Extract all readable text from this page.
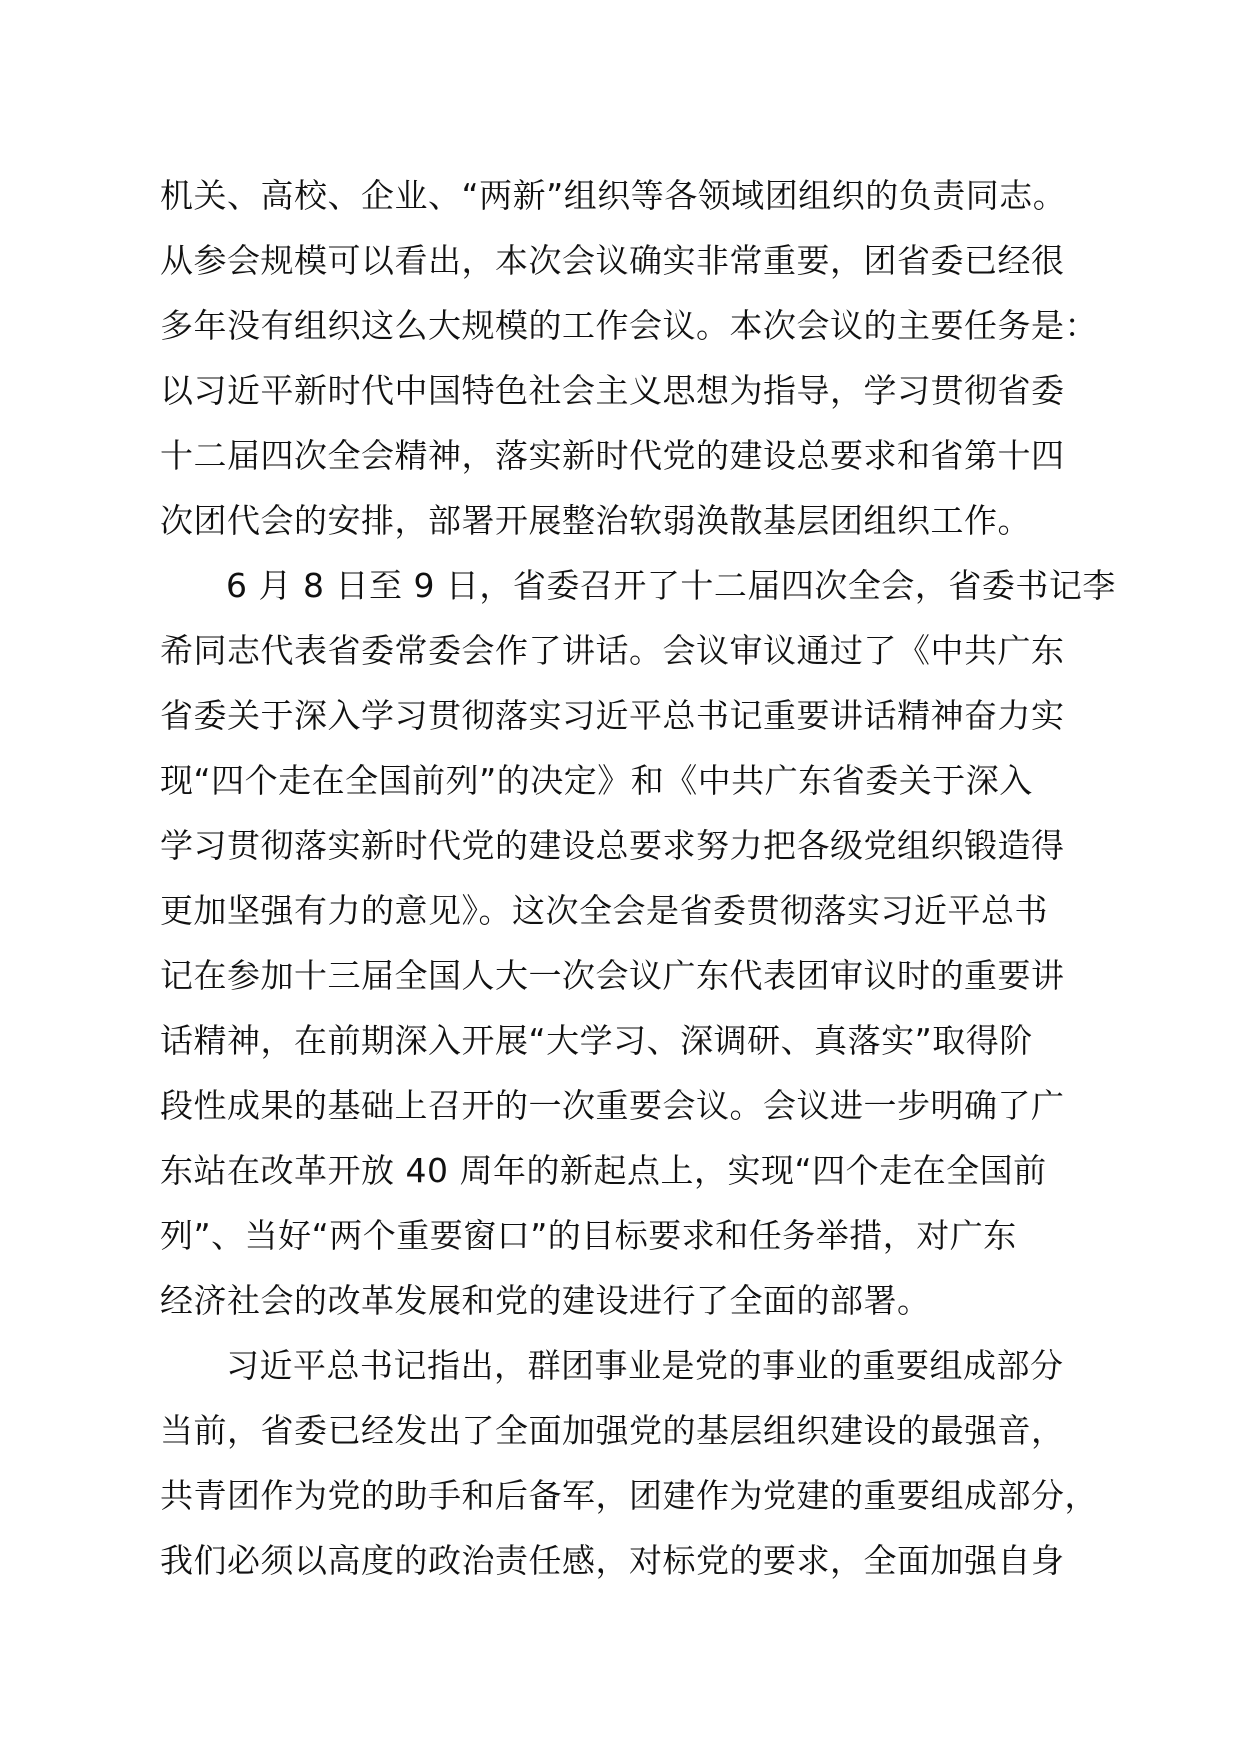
机关、高校、企业、“两新”组织等各领域团组织的负责同志。
从参会规模可以看出，本次会议确实非常重要，团省委已经很
多年没有组织这么大规模的工作会议。本次会议的主要任务是：
以习近平新时代中国特色社会主义思想为指导，学习贯彻省委
十二届四次全会精神，落实新时代党的建设总要求和省第十四
次团代会的安排，部署开展整治软弱涣散基层团组织工作。
6 月 8 日至 9 日，省委召开了十二届四次全会，省委书记李
希同志代表省委常委会作了讲话。会议审议通过了《中共广东
省委关于深入学习贯彻落实习近平总书记重要讲话精神奋力实
现“四个走在全国前列”的决定》和《中共广东省委关于深入
学习贯彻落实新时代党的建设总要求努力把各级党组织锻造得
更加坚强有力的意见》。这次全会是省委贯彻落实习近平总书
记在参加十三届全国人大一次会议广东代表团审议时的重要讲
话精神，在前期深入开展“大学习、深调研、真落实”取得阶
段性成果的基础上召开的一次重要会议。会议进一步明确了广
东站在改革开放 40 周年的新起点上，实现“四个走在全国前
列”、当好“两个重要窗口”的目标要求和任务举措，对广东
经济社会的改革发展和党的建设进行了全面的部署。
习近平总书记指出，群团事业是党的事业的重要组成部分
当前，省委已经发出了全面加强党的基层组织建设的最强音，
共青团作为党的助手和后备军，团建作为党建的重要组成部分，
我们必须以高度的政治责任感，对标党的要求，全面加强自身
